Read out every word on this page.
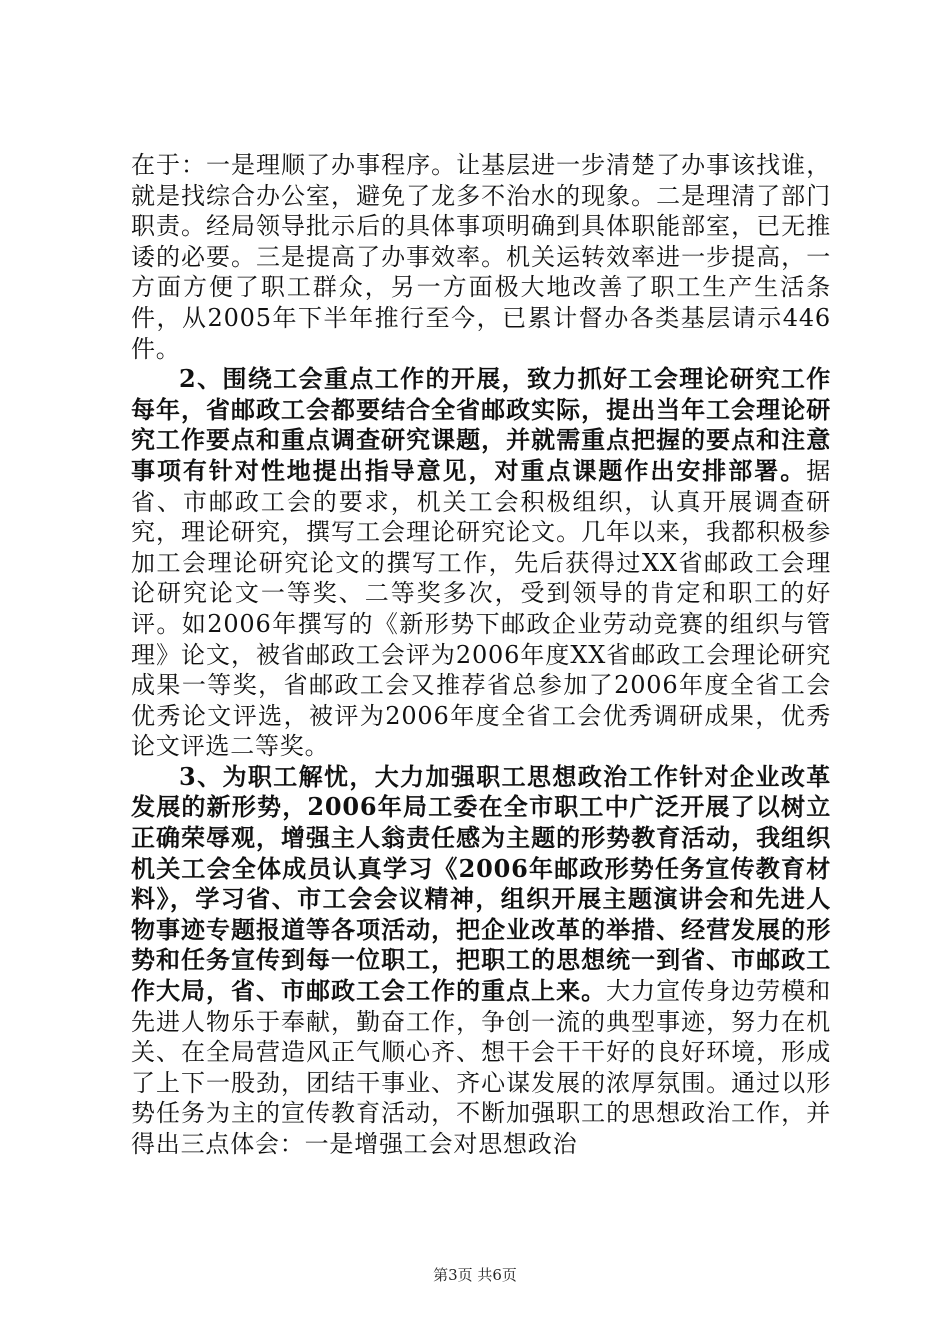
在于：一是理顺了办事程序。让基层进一步清楚了办事该找谁，就是找综合办公室，避免了龙多不治水的现象。二是理清了部门职责。经局领导批示后的具体事项明确到具体职能部室，已无推诿的必要。三是提高了办事效率。机关运转效率进一步提高，一方面方便了职工群众，另一方面极大地改善了职工生产生活条件，从2005年下半年推行至今，已累计督办各类基层请示446件。

2、围绕工会重点工作的开展，致力抓好工会理论研究工作每年，省邮政工会都要结合全省邮政实际，提出当年工会理论研究工作要点和重点调查研究课题，并就需重点把握的要点和注意事项有针对性地提出指导意见，对重点课题作出安排部署。据省、市邮政工会的要求，机关工会积极组织，认真开展调查研究，理论研究，撰写工会理论研究论文。几年以来，我都积极参加工会理论研究论文的撰写工作，先后获得过XX省邮政工会理论研究论文一等奖、二等奖多次，受到领导的肯定和职工的好评。如2006年撰写的《新形势下邮政企业劳动竞赛的组织与管理》论文，被省邮政工会评为2006年度XX省邮政工会理论研究成果一等奖，省邮政工会又推荐省总参加了2006年度全省工会优秀论文评选，被评为2006年度全省工会优秀调研成果，优秀论文评选二等奖。

3、为职工解忧，大力加强职工思想政治工作针对企业改革发展的新形势，2006年局工委在全市职工中广泛开展了以树立正确荣辱观，增强主人翁责任感为主题的形势教育活动，我组织机关工会全体成员认真学习《2006年邮政形势任务宣传教育材料》，学习省、市工会会议精神，组织开展主题演讲会和先进人物事迹专题报道等各项活动，把企业改革的举措、经营发展的形势和任务宣传到每一位职工，把职工的思想统一到省、市邮政工作大局，省、市邮政工会工作的重点上来。大力宣传身边劳模和先进人物乐于奉献，勤奋工作，争创一流的典型事迹，努力在机关、在全局营造风正气顺心齐、想干会干干好的良好环境，形成了上下一股劲，团结干事业、齐心谋发展的浓厚氛围。通过以形势任务为主的宣传教育活动，不断加强职工的思想政治工作，并得出三点体会：一是增强工会对思想政治

第3页 共6页
